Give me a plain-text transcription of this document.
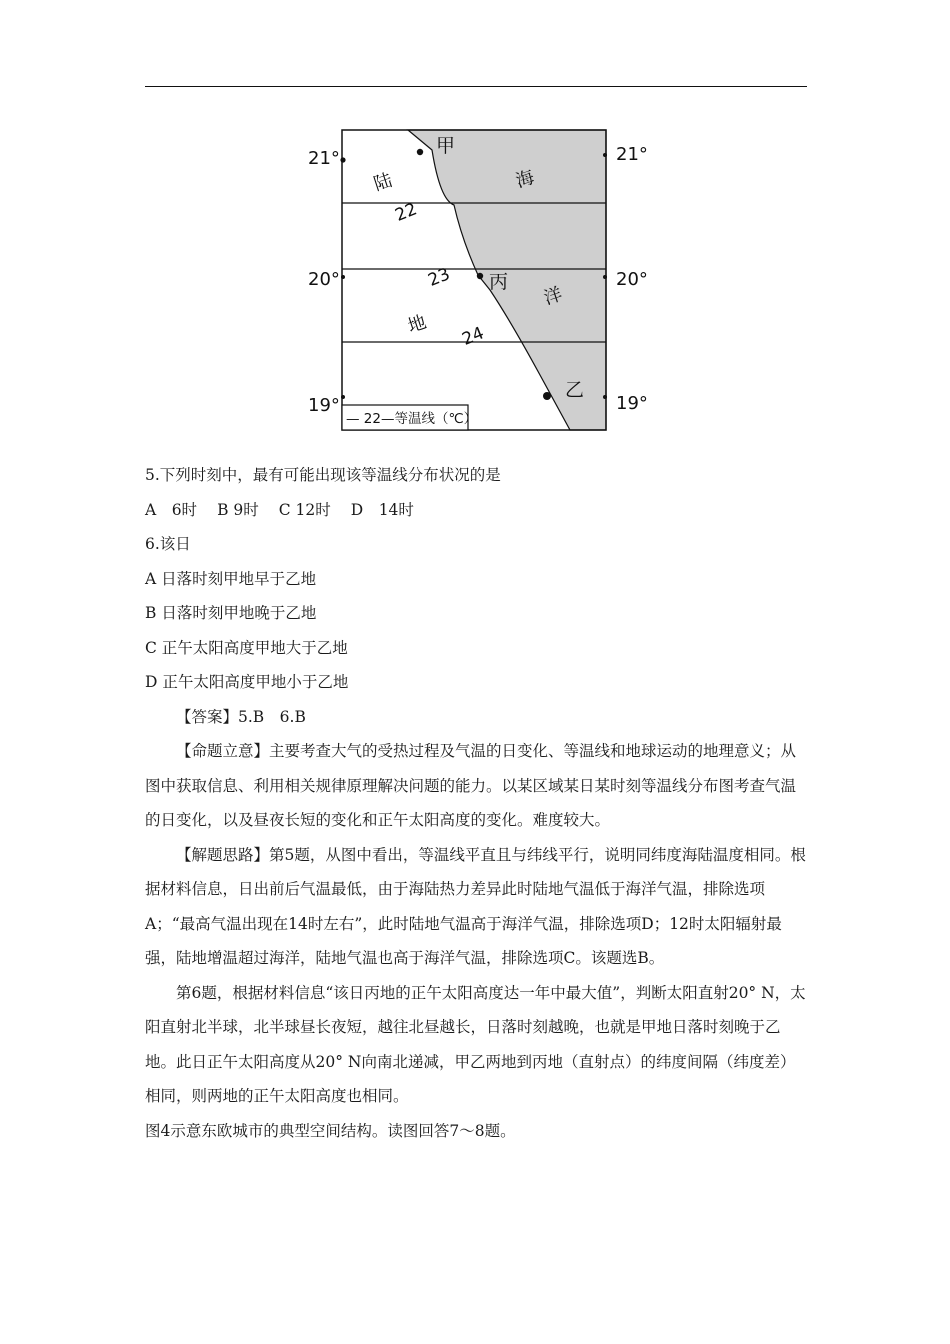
21°	21°
20°	20°
19°	19°
甲
丙
乙
陆
地
海
洋
22
23
24
— 22—等温线（℃）

5.下列时刻中，最有可能出现该等温线分布状况的是

A　6时 B 9时 C 12时 D　14时

6.该日

A 日落时刻甲地早于乙地

B 日落时刻甲地晚于乙地

C 正午太阳高度甲地大于乙地

D 正午太阳高度甲地小于乙地

【答案】5.B　6.B

【命题立意】主要考查大气的受热过程及气温的日变化、等温线和地球运动的地理意义；从图中获取信息、利用相关规律原理解决问题的能力。以某区域某日某时刻等温线分布图考查气温的日变化，以及昼夜长短的变化和正午太阳高度的变化。难度较大。

【解题思路】第5题，从图中看出，等温线平直且与纬线平行，说明同纬度海陆温度相同。根据材料信息，日出前后气温最低，由于海陆热力差异此时陆地气温低于海洋气温，排除选项A；“最高气温出现在14时左右”，此时陆地气温高于海洋气温，排除选项D；12时太阳辐射最强，陆地增温超过海洋，陆地气温也高于海洋气温，排除选项C。该题选B。

第6题，根据材料信息“该日丙地的正午太阳高度达一年中最大值”，判断太阳直射20° N，太阳直射北半球，北半球昼长夜短，越往北昼越长，日落时刻越晚，也就是甲地日落时刻晚于乙地。此日正午太阳高度从20° N向南北递减，甲乙两地到丙地（直射点）的纬度间隔（纬度差）相同，则两地的正午太阳高度也相同。

图4示意东欧城市的典型空间结构。读图回答7～8题。
